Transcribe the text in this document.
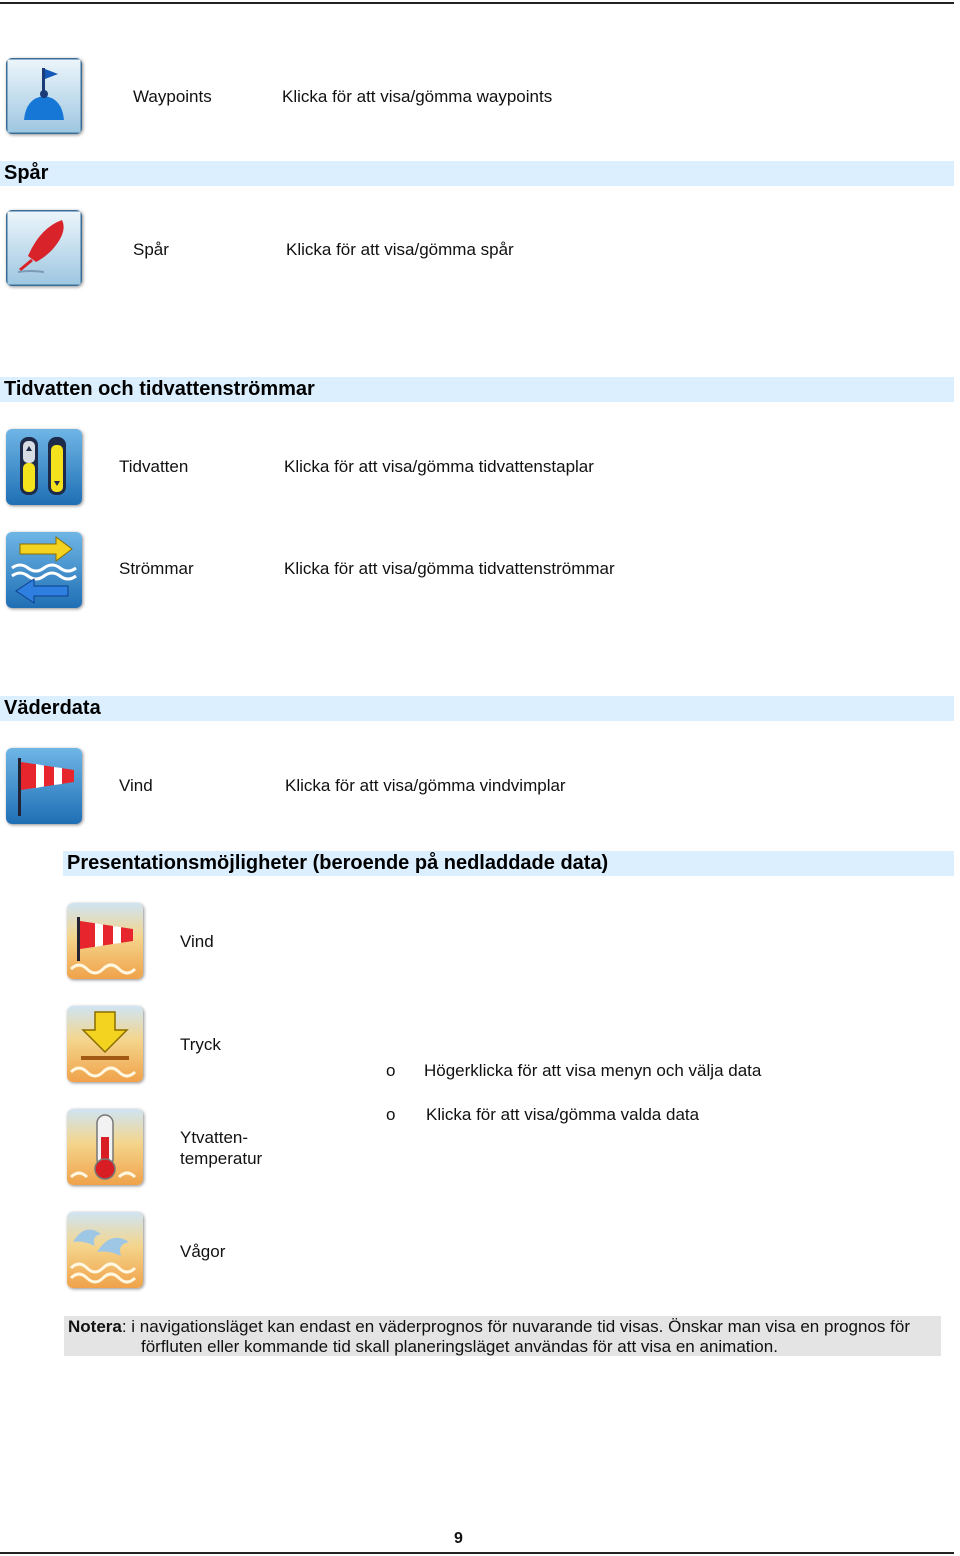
Waypoints	Klicka för att visa/gömma waypoints
Spår
Spår	Klicka för att visa/gömma spår
Tidvatten och tidvattenströmmar
Tidvatten	Klicka för att visa/gömma tidvattenstaplar
Strömmar	Klicka för att visa/gömma tidvattenströmmar
Väderdata
Vind	Klicka för att visa/gömma vindvimplar
Presentationsmöjligheter (beroende på nedladdade data)
Vind
Tryck
o Högerklicka för att visa menyn och välja data
o Klicka för att visa/gömma valda data
Ytvatten-
temperatur
Vågor
Notera: i navigationsläget kan endast en väderprognos för nuvarande tid visas. Önskar man visa en prognos för
förfluten eller kommande tid skall planeringsläget användas för att visa en animation.
9
